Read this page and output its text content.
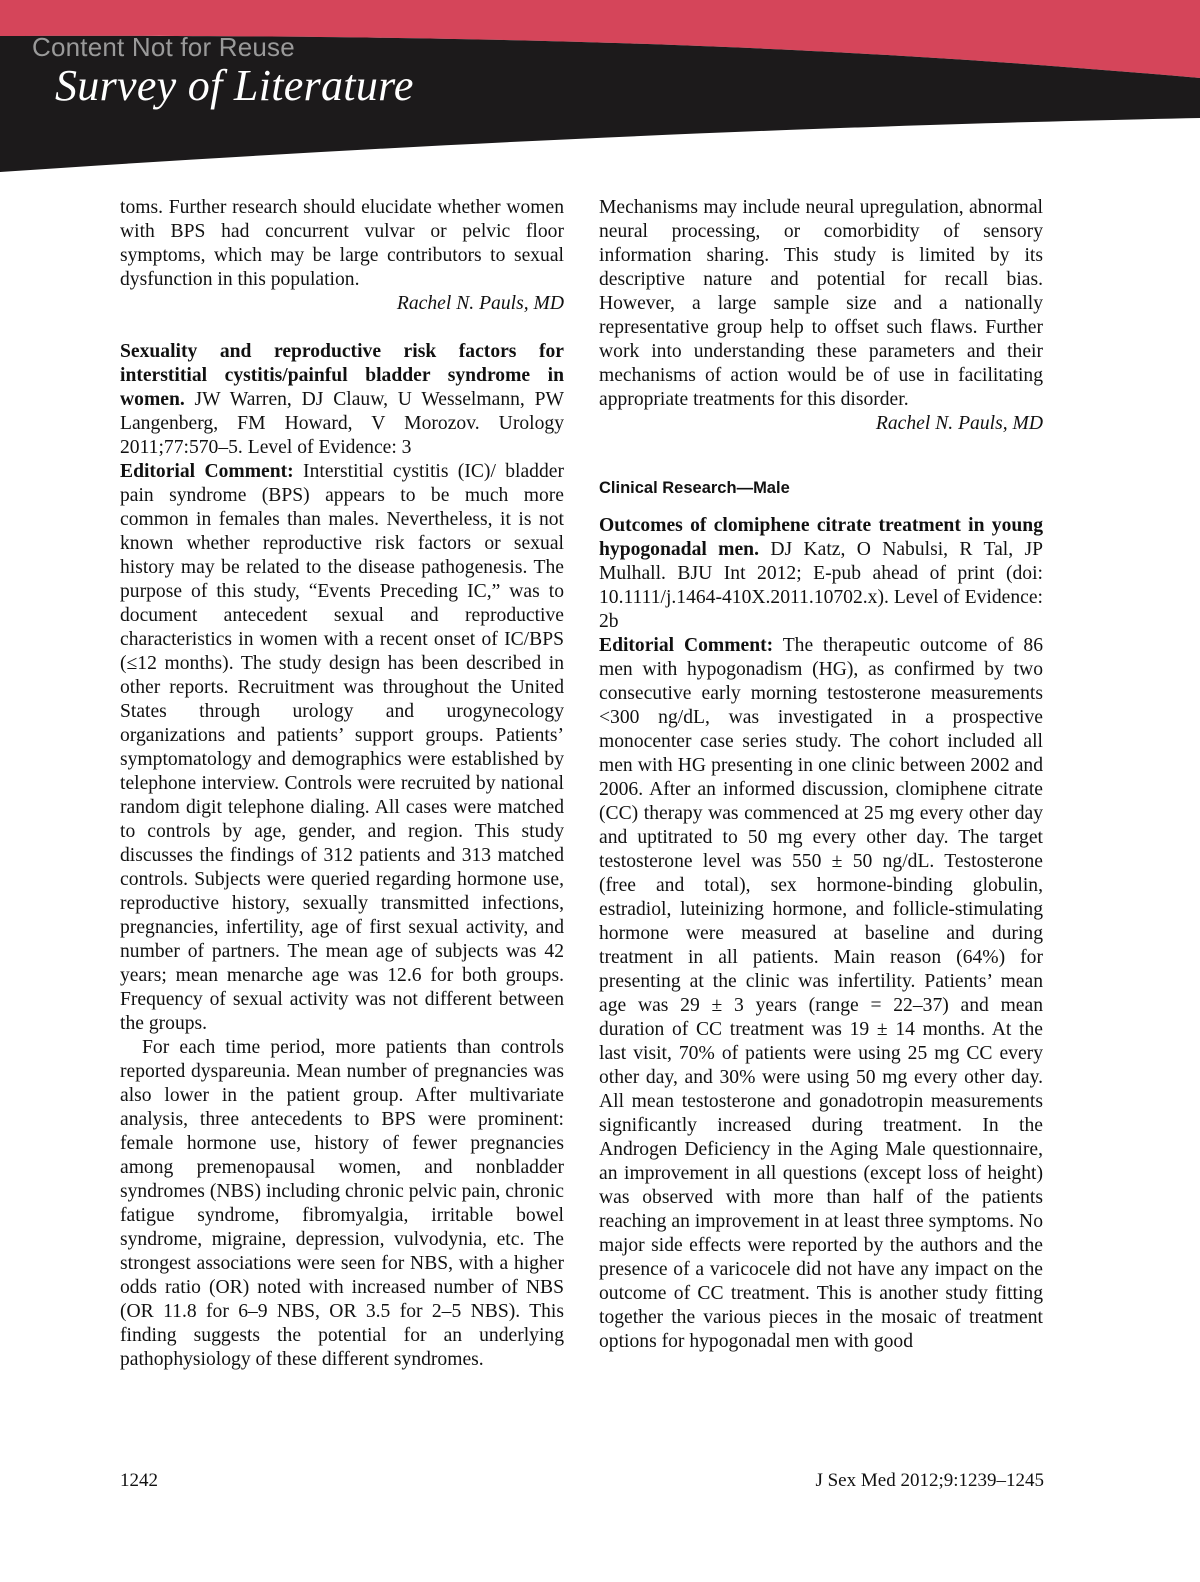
Content Not for Reuse
Survey of Literature

toms. Further research should elucidate whether women with BPS had concurrent vulvar or pelvic floor symptoms, which may be large contributors to sexual dysfunction in this population.

Rachel N. Pauls, MD

Sexuality and reproductive risk factors for interstitial cystitis/painful bladder syndrome in women. JW Warren, DJ Clauw, U Wesselmann, PW Langenberg, FM Howard, V Morozov. Urology 2011;77:570–5. Level of Evidence: 3

Editorial Comment: Interstitial cystitis (IC)/ bladder pain syndrome (BPS) appears to be much more common in females than males. Nevertheless, it is not known whether reproductive risk factors or sexual history may be related to the disease pathogenesis. The purpose of this study, “Events Preceding IC,” was to document antecedent sexual and reproductive characteristics in women with a recent onset of IC/BPS (≤12 months). The study design has been described in other reports. Recruitment was throughout the United States through urology and urogynecology organizations and patients’ support groups. Patients’ symptomatology and demographics were established by telephone interview. Controls were recruited by national random digit telephone dialing. All cases were matched to controls by age, gender, and region. This study discusses the findings of 312 patients and 313 matched controls. Subjects were queried regarding hormone use, reproductive history, sexually transmitted infections, pregnancies, infertility, age of first sexual activity, and number of partners. The mean age of subjects was 42 years; mean menarche age was 12.6 for both groups. Frequency of sexual activity was not different between the groups.

For each time period, more patients than controls reported dyspareunia. Mean number of pregnancies was also lower in the patient group. After multivariate analysis, three antecedents to BPS were prominent: female hormone use, history of fewer pregnancies among premenopausal women, and nonbladder syndromes (NBS) including chronic pelvic pain, chronic fatigue syndrome, fibromyalgia, irritable bowel syndrome, migraine, depression, vulvodynia, etc. The strongest associations were seen for NBS, with a higher odds ratio (OR) noted with increased number of NBS (OR 11.8 for 6–9 NBS, OR 3.5 for 2–5 NBS). This finding suggests the potential for an underlying pathophysiology of these different syndromes.

Mechanisms may include neural upregulation, abnormal neural processing, or comorbidity of sensory information sharing. This study is limited by its descriptive nature and potential for recall bias. However, a large sample size and a nationally representative group help to offset such flaws. Further work into understanding these parameters and their mechanisms of action would be of use in facilitating appropriate treatments for this disorder.

Rachel N. Pauls, MD

Clinical Research—Male

Outcomes of clomiphene citrate treatment in young hypogonadal men. DJ Katz, O Nabulsi, R Tal, JP Mulhall. BJU Int 2012; E-pub ahead of print (doi: 10.1111/j.1464-410X.2011.10702.x). Level of Evidence: 2b

Editorial Comment: The therapeutic outcome of 86 men with hypogonadism (HG), as confirmed by two consecutive early morning testosterone measurements <300 ng/dL, was investigated in a prospective monocenter case series study. The cohort included all men with HG presenting in one clinic between 2002 and 2006. After an informed discussion, clomiphene citrate (CC) therapy was commenced at 25 mg every other day and uptitrated to 50 mg every other day. The target testosterone level was 550 ± 50 ng/dL. Testosterone (free and total), sex hormone-binding globulin, estradiol, luteinizing hormone, and follicle-stimulating hormone were measured at baseline and during treatment in all patients. Main reason (64%) for presenting at the clinic was infertility. Patients’ mean age was 29 ± 3 years (range = 22–37) and mean duration of CC treatment was 19 ± 14 months. At the last visit, 70% of patients were using 25 mg CC every other day, and 30% were using 50 mg every other day. All mean testosterone and gonadotropin measurements significantly increased during treatment. In the Androgen Deficiency in the Aging Male questionnaire, an improvement in all questions (except loss of height) was observed with more than half of the patients reaching an improvement in at least three symptoms. No major side effects were reported by the authors and the presence of a varicocele did not have any impact on the outcome of CC treatment. This is another study fitting together the various pieces in the mosaic of treatment options for hypogonadal men with good

1242	J Sex Med 2012;9:1239–1245
